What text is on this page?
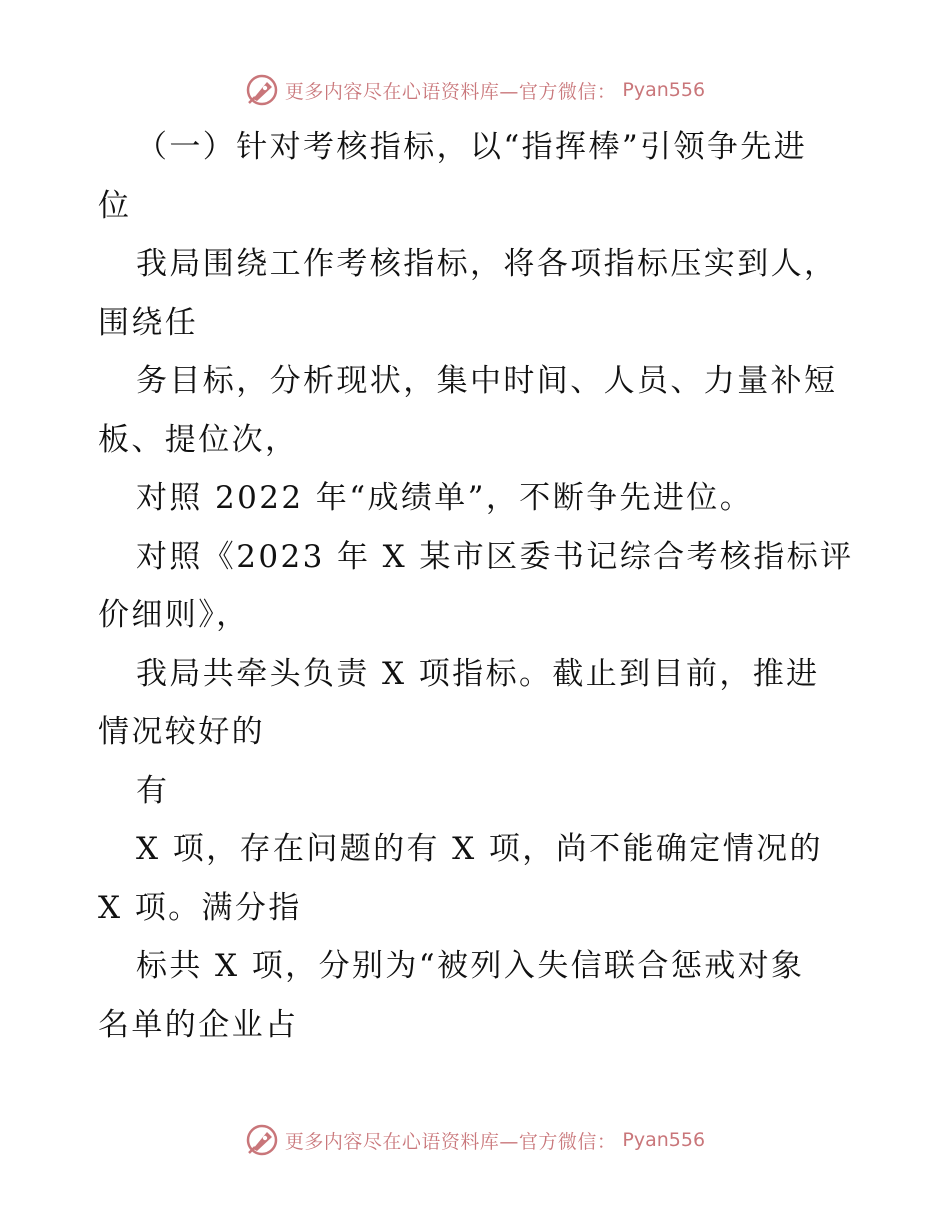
更多内容尽在心语资料库—官方微信： Pyan556
（一）针对考核指标，以“指挥棒”引领争先进
位
我局围绕工作考核指标，将各项指标压实到人，
围绕任
务目标，分析现状，集中时间、人员、力量补短
板、提位次，
对照 2022 年“成绩单”，不断争先进位。
对照《2023 年 X 某市区委书记综合考核指标评
价细则》，
我局共牵头负责 X 项指标。截止到目前，推进
情况较好的
有
X 项，存在问题的有 X 项，尚不能确定情况的
X 项。满分指
标共 X 项，分别为“被列入失信联合惩戒对象
名单的企业占
更多内容尽在心语资料库—官方微信： Pyan556
